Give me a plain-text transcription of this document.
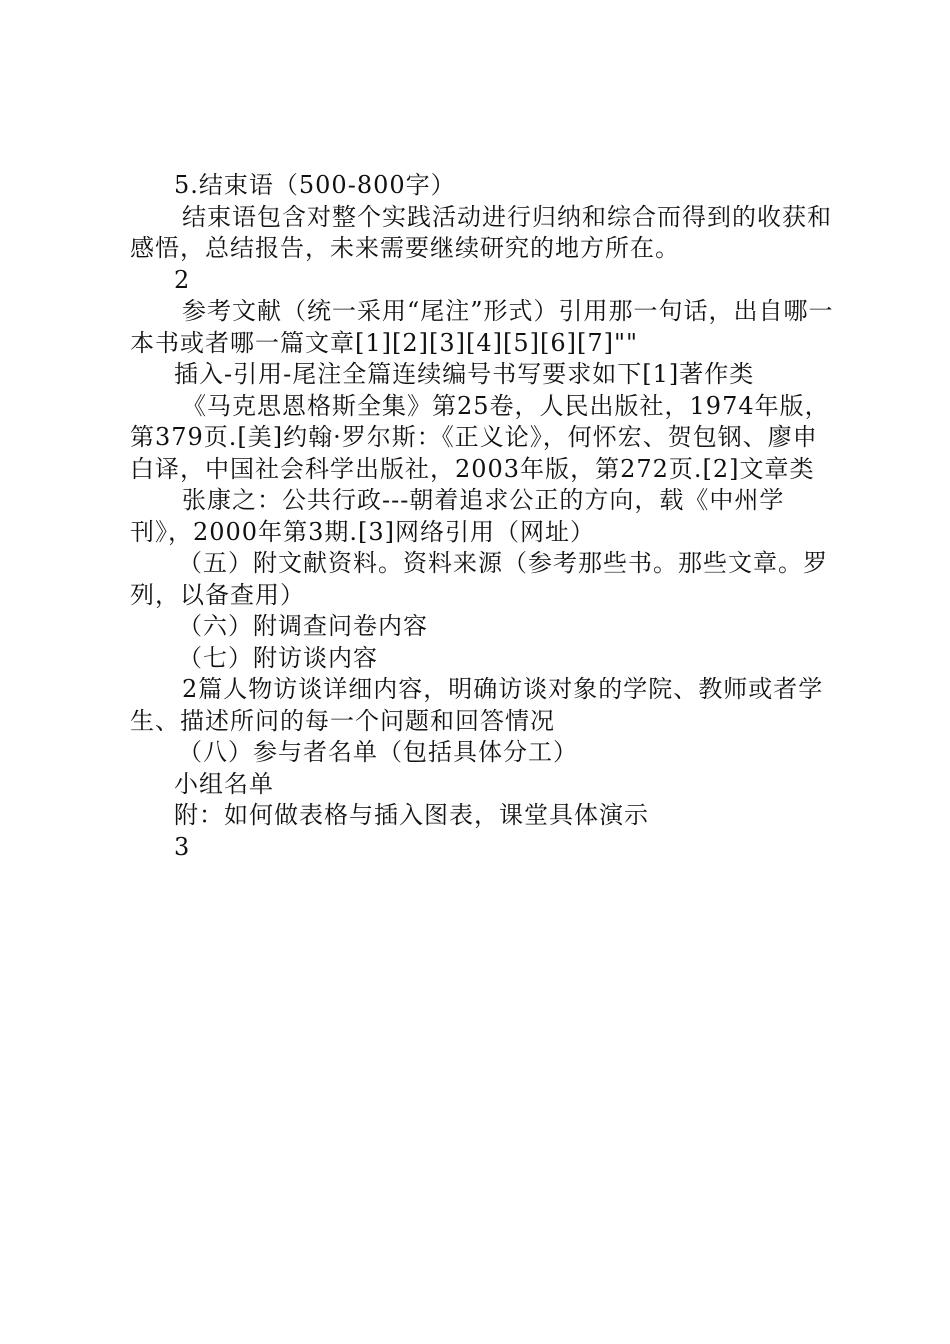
5.结束语（500-800字）

结束语包含对整个实践活动进行归纳和综合而得到的收获和感悟，总结报告，未来需要继续研究的地方所在。

2

参考文献（统一采用“尾注”形式）引用那一句话，出自哪一本书或者哪一篇文章[1][2][3][4][5][6][7]""

插入-引用-尾注全篇连续编号书写要求如下[1]著作类

《马克思恩格斯全集》第25卷，人民出版社，1974年版，第379页.[美]约翰·罗尔斯：《正义论》，何怀宏、贺包钢、廖申白译，中国社会科学出版社，2003年版，第272页.[2]文章类

张康之：公共行政---朝着追求公正的方向，载《中州学刊》，2000年第3期.[3]网络引用（网址）

（五）附文献资料。资料来源（参考那些书。那些文章。罗列，以备查用）

（六）附调查问卷内容

（七）附访谈内容

2篇人物访谈详细内容，明确访谈对象的学院、教师或者学生、描述所问的每一个问题和回答情况

（八）参与者名单（包括具体分工）

小组名单

附：如何做表格与插入图表，课堂具体演示

3
